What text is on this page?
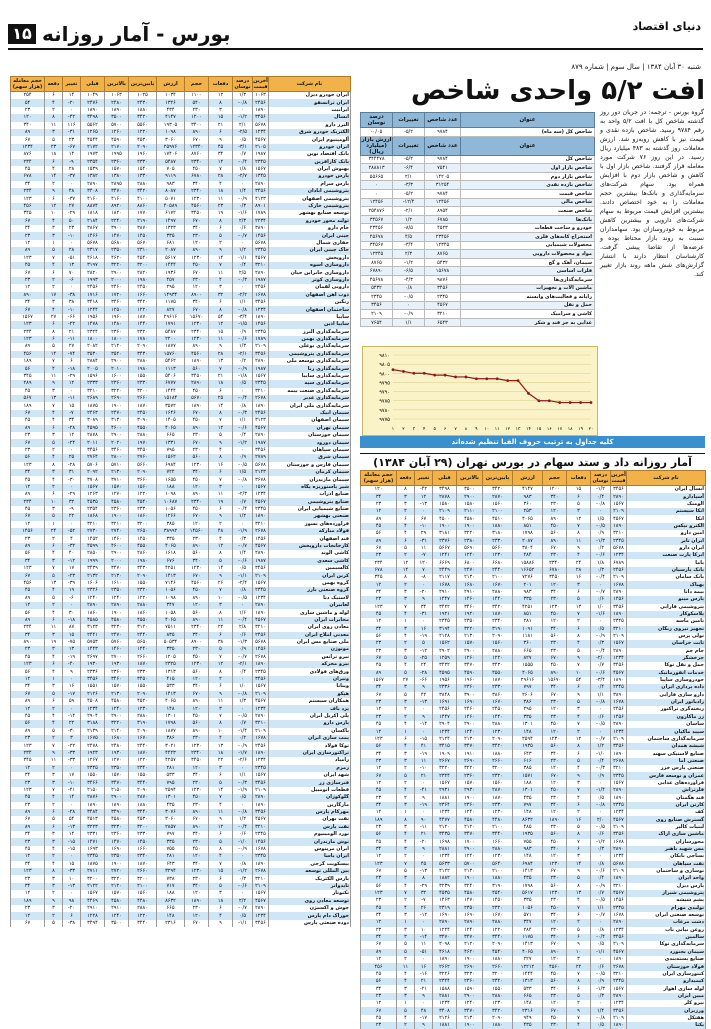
۱۵ بورس - آمار روزانه	دنیای اقتصاد
شنبه ۳۰ آبان ۱۳۸۴ | سال سوم | شماره ۸۷۹
حجم معامله (هزار سهم)	دفعه	تغییر	قبلی	بالاترین	پایین‌ترین	ارزش	حجم	دفعات	درصد نوسان	آخرین قیمت	نام شرکت
۲۵۴	۶	۱۴	۱۰۴۹	۱۰۶۳	۱۰۲۵	۱۰۳۴	۱۱۰۰	۱۲	۱/۳	۱۰۶۳	ایران خودرو دیزل
۵۴	۴	-۲۰	۲۴۷۶	۲۴۸۰	۲۴۳۰	۱۳۲۶	۵۴۰	۸	-۰/۸	۲۴۵۶	ایران ترانسفو
۲۳	۲	۰	۱۸۹۰	۱۸۹۰	۱۸۸۰	۴۳۴	۲۳۰	۳	۰	۱۸۹۰	ایرانیت
۱۲۰	۸	-۴۲	۳۴۹۸	۳۵۰۰	۳۴۲۰	۴۱۴۷	۱۲۰۰	۱۵	-۱/۲	۳۴۵۶	آبسال
۳۴۰	۱۱	۱۱۶	۵۵۶۲	۵۷۰۰	۵۵۶۰	۱۹۳۰۵	۳۴۰۰	۲۱	۲/۱	۵۶۷۸	البرز دارو
۸۹	۳	-۳۱	۱۲۶۵	۱۲۶۰	۱۲۲۰	۱۰۹۸	۸۹۰	۶	-۲/۵	۱۲۳۴	الکتریک خودرو شرق
۶۷	۵	۲۳	۴۵۴۴	۴۵۹۰	۴۵۳۰	۳۰۶۰	۶۷۰	۹	۰/۵	۴۵۶۷	آلومینیوم ایران
۱۲۳۴	۲۳	-۶۷	۲۱۷۲	۲۱۷۰	۲۰۹۰	۲۵۹۷۶	۱۲۳۴۰	۴۵	-۳/۱	۲۱۰۵	ایران خودرو
۸۷۶	۱۸	۱۴	۱۹۷۳	۱۹۹۵	۱۹۶۰	۱۷۴۰۶	۸۷۶۰	۳۴	۰/۷	۱۹۸۷	بانک اقتصاد نوین
۲۳۴	۶	-۹	۲۳۵۴	۲۳۶۰	۲۳۳۰	۵۴۸۷	۲۳۴۰	۱۲	-۰/۴	۲۳۴۵	بانک کارآفرین
۴۵	۴	۲۸	۱۵۳۹	۱۵۷۰	۱۵۴۰	۷۰۵	۴۵۰	۷	۱/۸	۱۵۶۷	بهنوش ایران
۶۷۸	۱۴	-۳۷	۱۳۸۲	۱۳۸۰	۱۳۳۰	۹۱۱۹	۶۷۸۰	۲۸	-۲/۷	۱۳۴۵	پارس خودرو
۳۴	۲	۰	۲۸۹۰	۲۸۹۵	۲۸۸۰	۹۸۳	۳۴۰	۴	۰	۲۸۹۰	پارس سرام
۲۳۴	۹	۴۸	۳۴۰۸	۳۴۷۰	۳۴۲۰	۸۰۸۷	۲۳۴۰	۱۸	۱/۴	۳۴۵۶	پتروشیمی آبادان
۱۲۳	۶	-۳۷	۴۱۶۰	۴۱۶۰	۴۱۰۰	۵۰۷۱	۱۲۳۰	۱۱	-۰/۹	۴۱۲۳	پتروشیمی اصفهان
۴۵۶	۱۲	۲۷	۸۸۷۴	۸۹۲۰	۸۸۶۰	۴۰۵۸۹	۴۵۶۰	۲۳	۰/۳	۸۹۰۱	پتروشیمی خارک
۳۴۵	۱۰	-۲۹	۱۸۱۸	۱۸۲۰	۱۷۷۰	۶۱۷۲	۳۴۵۰	۱۹	-۱/۶	۱۷۸۹	توسعه صنایع بهشهر
۶۷	۴	۵۰	۲۱۸۴	۲۲۴۰	۲۱۹۰	۱۴۹۷	۶۷۰	۸	۲/۳	۲۲۳۴	تولید محور خودرو
۳۴	۳	۲۳	۳۸۶۷	۳۹۰۰	۳۸۷۰	۱۳۲۳	۳۴۰	۶	۰/۶	۳۸۹۰	جام دارو
۲۳	۳	-۱۰	۱۴۶۶	۱۴۷۰	۱۴۵۰	۳۳۵	۲۳۰	۵	-۰/۷	۱۴۵۶	چینی ایران
۱۲	۱	۰	۵۶۷۸	۵۶۸۰	۵۶۷۰	۶۸۱	۱۲۰	۲	۰	۵۶۷۸	حفاری شمال
۸۹	۵	۲۸	۲۳۱۷	۲۳۵۰	۲۳۱۰	۲۰۸۷	۸۹۰	۹	۱/۲	۲۳۴۵	خاک چینی ایران
۱۲۳	۷	-۵۱	۴۶۱۸	۴۶۲۰	۴۵۴۰	۵۶۱۷	۱۲۳۰	۱۴	-۱/۱	۴۵۶۷	داروپخش
۴۵	۴	۱۳	۳۱۹۷	۳۲۲۰	۳۲۰۰	۱۴۴۴	۴۵۰	۷	۰/۴	۳۲۱۰	داروسازی اسوه
۶۷	۶	۷۰	۲۸۲۰	۲۹۰۰	۲۸۲۰	۱۹۳۶	۶۷۰	۱۱	۲/۵	۲۸۹۰	داروسازی جابرابن حیان
۲۳	۲	-۶	۱۹۹۳	۲۰۰۰	۱۹۸۰	۴۵۷	۲۳۰	۴	-۰/۳	۱۹۸۷	داروسازی کوثر
۱۲	۲	۰	۲۴۵۶	۲۴۶۰	۲۴۵۰	۲۹۵	۱۲۰	۳	۰	۲۴۵۶	دارویی لقمان
۸۹۰	۱۷	-۳۸	۱۷۱۶	۱۷۲۰	۱۶۶۰	۱۴۹۳۴	۸۹۰۰	۳۲	-۲/۲	۱۶۷۸	ذوب آهن اصفهان
۳۴	۳	۳۸	۳۴۱۸	۳۴۶۰	۳۴۲۰	۱۱۷۵	۳۴۰	۶	۱/۱	۳۴۵۶	رنگین
۶۷	۴	-۱۰	۱۲۴۴	۱۲۵۰	۱۲۲۰	۸۲۷	۶۷۰	۸	-۰/۸	۱۲۳۴	ساختمان اصفهان
۱۵۶۷	۲۷	-۶۶	۱۹۵۶	۱۹۶۰	۱۸۷۰	۲۹۶۱۶	۱۵۶۷۰	۵۴	-۳/۴	۱۸۹۰	سایپا
۱۲۳	۶	-۲۲	۱۴۷۸	۱۴۸۰	۱۴۴۰	۱۷۹۱	۱۲۳۰	۱۲	-۱/۵	۱۴۵۶	سایپا آذین
۲۳۴	۸	۲۱	۲۳۲۴	۲۳۶۰	۲۳۲۰	۵۴۸۷	۲۳۴۰	۱۵	۰/۹	۲۳۴۵	سرمایه‌گذاری البرز
۱۲۳	۶	-۱۱	۱۸۰۰	۱۸۰۰	۱۷۸۰	۲۲۰۰	۱۲۳۰	۱۱	-۰/۶	۱۷۸۹	سرمایه‌گذاری بهمن
۸۹	۵	۲۷	۲۰۸۲	۲۱۲۰	۲۰۹۰	۱۸۷۷	۸۹۰	۹	۱/۳	۲۱۰۹	سرمایه‌گذاری بوعلی
۴۵۶	۱۴	-۷۴	۳۵۳۰	۳۵۲۰	۳۴۳۰	۱۵۷۶۰	۴۵۶۰	۲۸	-۲/۱	۳۴۵۶	سرمایه‌گذاری پتروشیمی
۱۸۹	۷	۶	۲۸۸۴	۲۹۰۰	۲۸۸۰	۵۴۶۲	۱۸۹۰	۱۳	۰/۲	۲۸۹۰	سرمایه‌گذاری توسعه ملی
۵۶	۴	-۱۸	۲۰۰۵	۲۰۱۰	۱۹۸۰	۱۱۱۳	۵۶۰	۷	-۰/۹	۱۹۸۷	سرمایه‌گذاری رنا
۳۴۵	۱۱	-۲۹	۱۵۹۶	۱۶۰۰	۱۵۵۰	۵۴۰۶	۳۴۵۰	۲۱	-۱/۸	۱۵۶۷	سرمایه‌گذاری سایپا
۲۸۹	۹	۱۲	۲۳۳۳	۲۳۶۰	۲۳۳۰	۶۷۷۷	۲۸۹۰	۱۸	۰/۵	۲۳۴۵	سرمایه‌گذاری سپه
۴۵	۳	۰	۳۲۱۰	۳۲۲۰	۳۲۰۰	۱۴۴۴	۴۵۰	۶	۰	۳۲۱۰	سرمایه‌گذاری صنعت بیمه
۵۶۷	۱۳	-۱۱	۲۶۸۹	۲۶۹۰	۲۶۶۰	۱۵۱۸۴	۵۶۷۰	۲۵	-۰/۴	۲۶۷۸	سرمایه‌گذاری غدیر
۱۸۹	۷	۱۵	۱۸۷۵	۱۹۰۰	۱۸۷۰	۳۵۷۲	۱۸۹۰	۱۴	۰/۸	۱۸۹۰	سرمایه‌گذاری ملی ایران
۶۷	۴	-۷	۲۴۶۳	۲۴۷۰	۲۴۵۰	۱۶۴۶	۶۷۰	۸	-۰/۳	۲۴۵۶	سیمان آبیک
۴۵	۴	۳۴	۳۰۸۹	۳۱۳۰	۳۰۹۰	۱۴۰۵	۴۵۰	۷	۱/۱	۳۱۲۳	سیمان اصفهان
۸۹	۶	-۲۸	۴۵۹۵	۴۶۰۰	۴۵۵۰	۴۰۶۵	۸۹۰	۱۲	-۰/۶	۴۵۶۷	سیمان تهران
۲۳	۳	۱۲	۲۸۷۸	۲۹۰۰	۲۸۸۰	۶۶۵	۲۳۰	۵	۰/۴	۲۸۹۰	سیمان خوزستان
۶۷	۵	-۲۴	۲۰۱۱	۲۰۲۰	۱۹۷۰	۱۳۳۱	۶۷۰	۹	-۱/۲	۱۹۸۷	سیمان دورود
۲۳	۲	۰	۳۴۵۶	۳۴۶۰	۳۴۵۰	۷۹۵	۲۳۰	۴	۰	۳۴۵۶	سیمان سپاهان
۵۶	۴	۲۵	۲۷۶۴	۲۸۰۰	۲۷۶۰	۱۵۶۲	۵۶۰	۸	۰/۹	۲۷۸۹	سیمان شرق
۱۲۳	۸	-۲۸	۵۷۰۶	۵۷۱۰	۵۶۶۰	۶۹۸۴	۱۲۳۰	۱۶	-۰/۵	۵۶۷۸	سیمان فارس و خوزستان
۳۴	۳	۳۱	۲۰۹۲	۲۱۳۰	۲۰۹۰	۷۲۲	۳۴۰	۶	۱/۵	۲۱۲۳	سیمان کرمان
۴۵	۴	-۳۰	۳۷۰۸	۳۷۱۰	۳۶۶۰	۱۶۵۵	۴۵۰	۷	-۰/۸	۳۶۷۸	سیمان مازندران
۱۲	۲	۰	۱۵۶۷	۱۵۷۰	۱۵۶۰	۱۸۸	۱۲۰	۳	۰	۱۵۶۷	شیر پاستوریزه پگاه
۸۹	۶	-۲۹	۱۲۶۳	۱۲۷۰	۱۲۲۰	۱۰۹۸	۸۹۰	۱۱	-۲/۳	۱۲۳۴	صنایع آذراب
۲۳۴	۱۰	۳۲	۴۵۳۵	۴۵۸۰	۴۵۴۰	۱۰۶۸۷	۲۳۴۰	۱۹	۰/۷	۴۵۶۷	صنایع پتروشیمی
۴۵	۳	-۹	۲۳۵۴	۲۳۶۰	۲۳۳۰	۱۰۵۶	۴۵۰	۶	-۰/۴	۲۳۴۵	صنایع شیمیایی ایران
۶۷	۵	۲۲	۱۸۶۸	۱۹۰۰	۱۸۶۰	۱۲۶۶	۶۷۰	۹	۱/۲	۱۸۹۰	صنعتی بهشهر
۱۲	۱	۰	۳۲۱۰	۳۲۱۰	۳۲۰۰	۳۸۵	۱۲۰	۲	۰	۳۲۱۰	فرآورده‌های نسوز
۱۴۵۶	۲۴	-۵۲	۲۷۳۰	۲۷۴۰	۲۶۵۰	۳۸۹۹۲	۱۴۵۶۰	۴۸	-۱/۹	۲۶۷۸	فولاد مبارکه
۲۳	۲	۴	۱۴۵۲	۱۴۶۰	۱۴۵۰	۳۳۵	۲۳۰	۴	۰/۳	۱۴۵۶	قند اصفهان
۸۹	۶	-۳۲	۴۵۹۹	۴۶۰۰	۴۵۵۰	۴۰۶۵	۸۹۰	۱۲	-۰/۷	۴۵۶۷	کارخانجات داروپخش
۵۶	۴	۴۰	۲۸۵۰	۲۹۰۰	۲۸۶۰	۱۶۱۸	۵۶۰	۸	۱/۴	۲۸۹۰	کاشی الوند
۳۴	۳	-۱۲	۱۹۹۹	۲۰۰۰	۱۹۸۰	۶۷۶	۳۴۰	۵	-۰/۶	۱۹۸۷	کاشی سعدی
۱۲۳	۷	۱۷	۳۴۳۹	۳۴۷۰	۳۴۳۰	۴۲۵۱	۱۲۳۰	۱۴	۰/۵	۳۴۵۶	کالسیمین
۶۷	۵	-۲۳	۲۱۳۲	۲۱۳۰	۲۰۹۰	۱۴۱۳	۶۷۰	۹	-۱/۱	۲۱۰۹	کربن ایران
۴۵۶	۱۳	-۳۹	۱۶۰۶	۱۶۱۰	۱۵۵۰	۷۱۴۶	۴۵۶۰	۲۶	-۲/۴	۱۵۶۷	گروه بهمن
۴۵	۴	۱۹	۲۳۲۶	۲۳۵۰	۲۳۲۰	۱۰۵۶	۴۵۰	۷	۰/۸	۲۳۴۵	گروه صنعتی بارز
۸۹	۵	-۶	۱۲۴۰	۱۲۴۰	۱۲۲۰	۱۰۹۸	۸۹۰	۱۰	-۰/۵	۱۲۳۴	لاستیک دنا
۱۲	۲	۰	۲۸۹۰	۲۸۹۰	۲۸۸۰	۳۴۷	۱۲۰	۳	۰	۲۸۹۰	لعابیران
۵۶	۴	۳۰	۱۸۶۰	۱۹۰۰	۱۸۶۰	۱۰۵۸	۵۶۰	۸	۱/۶	۱۸۹۰	لوله و ماشین سازی
۸۹	۶	-۱۸	۴۵۸۵	۴۵۸۰	۴۵۵۰	۴۰۶۵	۸۹۰	۱۱	-۰/۴	۴۵۶۷	مخابرات ایران
۲۳۴	۱۱	۸۷	۳۱۲۳	۳۲۳۰	۳۱۲۰	۷۵۱۱	۲۳۴۰	۲۲	۲/۸	۳۲۱۰	معادن روی ایران
۳۴	۳	۱۵	۲۴۴۱	۲۴۷۰	۲۴۴۰	۸۳۵	۳۴۰	۶	۰/۶	۲۴۵۶	معدنی املاح ایران
۸۹۰	۱۹	-۷۵	۵۷۵۳	۵۷۶۰	۵۶۵۰	۵۰۵۳۴	۸۹۰۰	۳۸	-۱/۳	۵۶۷۸	ملی صنایع مس ایران
۲۳	۳	۱۳	۱۴۴۳	۱۴۶۰	۱۴۴۰	۳۳۵	۲۳۰	۵	۰/۹	۱۴۵۶	موتوژن
۴۵	۴	-۱۹	۲۶۹۷	۲۷۰۰	۲۶۶۰	۱۲۰۵	۴۵۰	۷	-۰/۷	۲۶۷۸	نیرو ترانس
۱۲۳	۶	-۴۰	۱۹۳۰	۱۹۳۰	۱۸۷۰	۲۳۲۵	۱۲۳۰	۱۲	-۲/۱	۱۸۹۰	نیرو محرکه
۵۶	۴	۹	۲۳۳۶	۲۳۶۰	۲۳۳۰	۱۳۱۳	۵۶۰	۸	۰/۴	۲۳۴۵	ورق‌های فولادی
۱۲	۱	۰	۳۴۵۶	۳۴۶۰	۳۴۵۰	۴۱۵	۱۲۰	۲	۰	۳۴۵۶	ونیران
۳۴	۳	۱۶	۱۵۵۱	۱۵۷۰	۱۵۵۰	۵۳۳	۳۴۰	۶	۱/۰	۱۵۶۷	ویتانا
۶۷	۵	-۱۷	۲۱۲۶	۲۱۳۰	۲۰۹۰	۱۴۱۳	۶۷۰	۹	-۰/۸	۲۱۰۹	هپکو
۸۹	۶	۵۹	۴۵۰۸	۴۵۸۰	۴۵۲۰	۴۰۶۵	۸۹۰	۱۱	۱/۳	۴۵۶۷	همکاران سیستم
۱۲	۲	۰	۱۲۳۴	۱۲۴۰	۱۲۳۰	۱۴۸	۱۲۰	۳	۰	۱۲۳۴	یزد باف
۴۵	۴	-۱۴	۲۹۰۴	۲۹۰۰	۲۸۸۰	۱۳۰۱	۴۵۰	۷	-۰/۵	۲۸۹۰	پلی اکریل ایران
۵۶	۴	۲۲	۳۱۸۸	۳۲۲۰	۳۱۹۰	۱۷۹۸	۵۶۰	۸	۰/۷	۳۲۱۰	پارس دارو
۸۹	۵	-۳۰	۲۱۳۹	۲۱۴۰	۲۰۹۰	۱۸۷۷	۸۹۰	۱۰	-۱/۴	۲۱۰۹	پاکسان
۲۳	۲	۳	۱۶۷۵	۱۶۸۰	۱۶۷۰	۳۸۶	۲۳۰	۴	۰/۲	۱۶۷۸	پمپ سازی ایران
۱۲۳	۷	-۲۲	۲۴۷۸	۲۴۸۰	۲۴۴۰	۳۰۲۱	۱۲۳۰	۱۳	-۰/۹	۲۴۵۶	توکا فولاد
۲۳۴	۹	-۳۳	۱۹۲۳	۱۹۳۰	۱۸۷۰	۴۴۲۳	۲۳۴۰	۱۸	-۱/۷	۱۸۹۰	تراکتورسازی ایران
۳۴۵	۱۱	-۳۳	۱۲۶۷	۱۲۷۰	۱۲۲۰	۴۲۵۷	۳۴۵۰	۲۲	-۲/۶	۱۲۳۴	زامیاد
۱۲	۲	۰	۲۳۴۵	۲۳۵۰	۲۳۴۰	۲۸۱	۱۲۰	۳	۰	۲۳۴۵	زمزم
۳۴	۳	۱۷	۱۵۵۰	۱۵۷۰	۱۵۵۰	۵۳۳	۳۴۰	۶	۱/۱	۱۵۶۷	شهد ایران
۲۳	۳	-۱۰	۳۴۶۶	۳۴۷۰	۳۴۴۰	۷۹۵	۲۳۰	۵	-۰/۳	۳۴۵۶	فنرسازی زر
۱۲۳	۷	-۴۱	۲۱۵۰	۲۱۵۰	۲۰۹۰	۲۵۹۴	۱۲۳۰	۱۴	-۱/۹	۲۱۰۹	قطعات اتومبیل
۴۵	۴	۱۴	۲۸۷۶	۲۹۰۰	۲۸۷۰	۱۳۰۱	۴۵۰	۷	۰/۵	۲۸۹۰	گلوکوزان
۲۳	۲	۰	۱۸۹۰	۱۸۹۰	۱۸۸۰	۴۳۵	۲۳۰	۴	۰	۱۸۹۰	مارگارین
۸۹	۶	-۲۸	۳۴۸۴	۳۴۹۰	۳۴۴۰	۳۰۷۶	۸۹۰	۱۱	-۰/۸	۳۴۵۶	مهرکام پارس
۶۷	۵	۵۴	۴۵۱۳	۴۵۸۰	۴۵۳۰	۳۰۶۰	۶۷۰	۹	۱/۲	۴۵۶۷	نفت بهران
۸۹	۶	-۱۳	۳۲۲۳	۳۲۳۰	۳۲۰۰	۲۸۵۷	۸۹۰	۱۲	-۰/۴	۳۲۱۰	نفت پارس
۳۴	۳	۱۴	۲۳۳۱	۲۳۶۰	۲۳۳۰	۷۹۷	۳۴۰	۶	۰/۶	۲۳۴۵	نورد آلومینیوم
۲۳	۳	-۱۵	۱۴۷۱	۱۴۷۰	۱۴۵۰	۳۳۵	۲۳۰	۵	-۱/۰	۱۴۵۶	نوش مازندران
۴۵	۴	-۱۵	۱۶۹۳	۱۶۹۰	۱۶۶۰	۷۵۵	۴۵۰	۸	-۰/۹	۱۶۷۸	ایران مرینوس
۱۲	۲	۰	۲۳۴۵	۲۳۵۰	۲۳۴۰	۲۸۱	۱۲۰	۴	۰	۲۳۴۵	ایران یاسا
۳۴	۴	۱۵	۱۸۷۵	۱۹۰۰	۱۸۷۰	۶۴۳	۳۴۰	۷	۰/۸	۱۸۹۰	بیسکویت گرجی
۱۲۳	۸	-۳۳	۲۷۱۱	۲۷۲۰	۲۶۶۰	۳۲۹۴	۱۲۳۰	۱۵	-۱/۲	۲۶۷۸	بین المللی توسعه
۲۳	۳	۱۰	۳۲۰۰	۳۲۲۰	۳۲۰۰	۷۳۸	۲۳۰	۶	۰/۳	۳۲۱۰	پارس الکتریک
۳۴	۳	-۱۳	۲۱۲۲	۲۱۲۰	۲۱۰۰	۷۱۷	۳۴۰	۵	-۰/۶	۲۱۰۹	تایدواتر
۱۲	۲	۰	۱۵۶۷	۱۵۷۰	۱۵۶۰	۱۸۸	۱۲۰	۳	۰	۱۵۶۷	تکنوتار
۱۸۹	۹	۹۸	۴۴۶۹	۴۵۸۰	۴۴۸۰	۸۶۳۲	۱۸۹۰	۱۸	۲/۲	۴۵۶۷	توسعه معادن روی
۲۳	۳	-۲۰	۲۹۱۰	۲۹۱۰	۲۸۸۰	۶۶۵	۲۳۰	۶	-۰/۷	۲۸۹۰	جوش و اکسیژن
۱۲	۲	۶	۱۲۲۸	۱۲۴۰	۱۲۲۰	۱۴۸	۱۲۰	۴	۰/۵	۱۲۳۴	خوراک دام پارس
۶۷	۵	-۳۸	۳۴۹۴	۳۵۰۰	۳۴۴۰	۲۳۱۶	۶۷۰	۹	-۱/۱	۳۴۵۶	دوده صنعتی پارس
افت ۵/۲ واحدی شاخص
گروه بورس - ترجمه: در جریان دور روز گذشته شاخص کل با افت ۵/۲ واحد به رقم ۹۷۸۴ رسید. شاخص بازده نقدی و قیمت نیز با کاهش روبه‌رو شد. ارزش معاملات روز گذشته به ۴۸۳ میلیارد ریال رسید. در این روز ۷۶ شرکت مورد معامله قرار گرفتند. شاخص بازار اول با کاهش و شاخص بازار دوم با افزایش همراه بود. سهام شرکت‌های سرمایه‌گذاری و بانک‌ها بیشترین حجم معاملات را به خود اختصاص دادند. بیشترین افزایش قیمت مربوط به سهام شرکت‌های دارویی و بیشترین کاهش مربوط به خودروسازان بود. سهامداران نسبت به روند بازار محتاط بوده و عرضه‌ها از تقاضا پیشی گرفت. کارشناسان انتظار دارند با انتشار گزارش‌های شش ماهه روند بازار تغییر کند.
درصد نوسان	تغییرات	عدد شاخص	عنوان
-۰/۰۵	-۵/۲	۹۷۸۴	شاخص کل (سه ماه)
ارزش بازار (میلیارد ریال)	تغییرات	عدد شاخص	عنوان
۳۴۴۴۷۸	-۵/۲	۹۷۸۴	شاخص کل
۲۸۸۸۱۳	-۶/۴	۷۵۴۱	شاخص بازار اول
۵۵۶۶۵	۲/۱	۱۴۲۰۵	شاخص بازار دوم
۰	-۳/۳	۳۱۲۵۴	شاخص بازده نقدی
۰	-۵/۲	۹۷۸۴	شاخص قیمت
۱۲۴۵۶	-۱۲/۴	۱۲۴۵۶	شاخص مالی
۲۵۴۸۷۶	-۲/۱	۸۹۵۴	شاخص صنعت
۳۴۵۶۷	۱/۲	۶۷۸۵	بانک‌ها
۲۳۴۵۶	-۸/۵	۴۵۲۳	خودرو و ساخت قطعات
۴۵۶۷۸	۴/۵	۲۳۴۵۶	استخراج کانه‌های فلزی
۳۴۵۶۷	-۳/۴	۱۲۳۴۵	محصولات شیمیایی
۱۲۳۴۵	۲/۳	۸۷۶۵	مواد و محصولات دارویی
۸۷۶۵	-۱/۲	۵۴۳۲	سیمان، آهک و گچ
۶۷۸۹۰	-۶/۵	۱۵۶۷۸	فلزات اساسی
۴۵۶۷۸	-۴/۳	۹۸۷۶	سرمایه‌گذاری‌ها
۵۴۳۲	۰/۸	۳۴۵۶	ماشین آلات و تجهیزات
۲۳۴۵	-۰/۵	۲۳۴۵	رایانه و فعالیت‌های وابسته
۳۴۵۶	۰	۴۵۶۷	حمل و نقل
۲۱۰۹	-۰/۹	۳۲۱۰	کاشی و سرامیک
۷۶۵۴	۱/۱	۶۵۴۳	غذایی به جز قند و شکر
۹۸۱۰
۹۸۰۵
۹۸۰۰
۹۷۹۵
۹۷۹۰
۹۷۸۵
۹۷۸۰
۹۷۷۵
۱ ۲ ۳ ۴ ۵ ۶ ۷ ۸ ۹ ۱۰ ۱۱ ۱۲ ۱۳ ۱۴ ۱۵ ۱۶ ۱۷ ۱۸ ۱۹ ۲۰
کلیه جداول به ترتیب حروف الفبا تنظیم شده‌اند
آمار روزانه داد و ستد سهام در بورس تهران (۲۹ آبان ۱۳۸۴)
حجم معامله (هزار سهم)	دفعه	تغییر	قبلی	بالاترین	پایین‌ترین	ارزش	حجم	دفعات	درصد نوسان	آخرین قیمت	نام شرکت
۱۲۰	۸	-۴۲	۳۴۹۸	۳۵۰۰	۳۴۲۰	۴۱۴۷	۱۲۰۰	۱۵	-۱/۲	۳۴۵۶	آبسال ایران
۳۴	۳	۱۲	۲۸۷۸	۲۹۰۰	۲۸۷۰	۹۸۳	۳۴۰	۶	۰/۴	۲۸۹۰	آسیادارو
۲۳	۳	-۱۳	۱۵۸۰	۱۵۸۰	۱۵۶۰	۳۶۰	۲۳۰	۵	-۰/۸	۱۵۶۷	آلومتک
۱۲	۲	۰	۲۱۰۹	۲۱۱۰	۲۱۰۰	۲۵۳	۱۲۰	۳	۰	۲۱۰۹	اتکا سیستم
۸۹	۶	۶۷	۴۵۰۰	۴۵۸۰	۴۵۱۰	۴۰۶۵	۸۹۰	۱۲	۱/۵	۴۵۶۷	اتکا
۴۵	۴	-۱۰	۱۹۰۰	۱۹۰۰	۱۸۸۰	۸۵۱	۴۵۰	۷	-۰/۵	۱۸۹۰	الکترو نیکس
۵۶	۴	۲۹	۳۱۸۱	۳۲۲۰	۳۱۸۰	۱۷۹۸	۵۶۰	۸	۰/۹	۳۲۱۰	امین دارو
۸۹	۶	-۳۱	۲۳۷۶	۲۳۸۰	۲۳۳۰	۲۰۸۷	۸۹۰	۱۱	-۱/۳	۲۳۴۵	ایران تایر
۶۷	۵	۱۱	۵۶۶۷	۵۶۹۰	۵۶۶۰	۳۸۰۴	۶۷۰	۹	۰/۲	۵۶۷۸	ایران دارو
۲۳	۲	-۷	۱۲۴۱	۱۲۴۰	۱۲۳۰	۲۸۴	۲۳۰	۴	-۰/۶	۱۲۳۴	ایرکا پارت صنعت
۲۳۴	۱۲	۱۲۰	۶۶۶۹	۶۸۰۰	۶۶۸۰	۱۵۸۸۶	۲۳۴۰	۲۴	۱/۸	۶۷۸۹	باما
۶۷۸	۱۴	۷	۲۴۴۹	۲۴۷۰	۲۴۴۰	۱۶۶۵۲	۶۷۸۰	۲۸	۰/۳	۲۴۵۶	بانک پارسیان
۳۴۵	۸	-۸	۲۱۱۷	۲۱۳۰	۲۱۰۰	۷۲۷۶	۳۴۵۰	۱۶	-۰/۴	۲۱۰۹	بانک سامان
۱۲	۲	۰	۱۶۷۸	۱۶۸۰	۱۶۷۰	۲۰۱	۱۲۰	۳	۰	۱۶۷۸	بهپاک
۳۴	۳	-۲۰	۲۹۱۰	۲۹۱۰	۲۸۸۰	۹۸۳	۳۴۰	۶	-۰/۷	۲۸۹۰	بیمه دانا
۲۳	۳	۹	۱۴۴۷	۱۴۶۰	۱۴۴۰	۳۳۵	۲۳۰	۵	۰/۶	۱۴۵۶	پارس مینو
۱۲۳	۷	۳۴	۳۴۲۲	۳۴۶۰	۳۴۲۰	۴۲۵۱	۱۲۳۰	۱۳	۱/۰	۳۴۵۶	پتروشیمی فارابی
۴۵	۴	-۳۱	۱۹۲۱	۱۹۲۰	۱۸۷۰	۸۵۱	۴۵۰	۷	-۱/۶	۱۸۹۰	پلاسکوکار
۱۲	۱	۰	۲۳۴۵	۲۳۵۰	۲۳۴۰	۲۸۱	۱۲۰	۲	۰	۲۳۴۵	تامین ماسه
۳۴	۳	۱۶	۳۱۹۴	۳۲۲۰	۳۱۹۰	۱۰۹۱	۳۴۰	۶	۰/۵	۳۲۱۰	تجهیز نیروی زنگان
۵۶	۴	-۱۹	۲۱۲۸	۲۱۳۰	۲۰۹۰	۱۱۸۱	۵۶۰	۸	-۰/۹	۲۱۰۹	تولی پرس
۲۳	۲	۵	۱۵۶۲	۱۵۷۰	۱۵۶۰	۳۶۰	۲۳۰	۴	۰/۳	۱۵۶۷	ثابت خراسان
۲۳	۳	-۱۲	۲۹۰۲	۲۹۰۰	۲۸۸۰	۶۶۵	۲۳۰	۵	-۰/۴	۲۸۹۰	جام جم
۶۷	۵	-۲۵	۱۲۵۹	۱۲۶۰	۱۲۲۰	۸۲۷	۶۷۰	۹	-۲/۰	۱۲۳۴	چرخشگر
۴۵	۴	۲۴	۳۴۳۲	۳۴۷۰	۳۴۳۰	۱۵۵۵	۴۵۰	۷	۰/۷	۳۴۵۶	حمل و نقل توکا
۸۹	۵	-۲۸	۴۵۹۵	۴۵۹۰	۴۵۵۰	۴۰۶۵	۸۹۰	۱۰	-۰/۶	۴۵۶۷	خدمات انفورماتیک
۱۵۶۷	۲۷	-۶۶	۱۹۵۶	۱۹۶۰	۱۸۷۰	۲۹۶۱۶	۱۵۶۷۰	۵۴	-۳/۴	۱۸۹۰	خودروسازی سایپا
۳۴	۳	۹	۲۳۳۶	۲۳۶۰	۲۳۳۰	۷۹۷	۳۴۰	۶	۰/۴	۲۳۴۵	داده پردازی ایران
۶۷	۵	۴۲	۳۸۴۸	۳۹۰۰	۳۸۶۰	۲۶۰۶	۶۷۰	۹	۱/۱	۳۸۹۰	دارو سازی فارابی
۲۳	۳	-۱۳	۱۶۹۱	۱۶۹۰	۱۶۷۰	۳۸۶	۲۳۰	۵	-۰/۸	۱۶۷۸	رادیاتور ایران
۱۲	۲	۰	۲۴۵۶	۲۴۶۰	۲۴۵۰	۲۹۵	۱۲۰	۳	۰	۲۴۵۶	ریخته‌گری تراکتور
۲۳	۲	۹	۱۴۴۷	۱۴۶۰	۱۴۴۰	۳۳۵	۲۳۰	۴	۰/۶	۱۴۵۶	زر ماکارون
۴۵	۴	-۱۴	۲۹۰۴	۲۹۰۰	۲۸۸۰	۱۳۰۱	۴۵۰	۷	-۰/۵	۲۸۹۰	ساسان
۱۲	۱	۰	۱۲۳۴	۱۲۴۰	۱۲۳۰	۱۴۸	۱۲۰	۲	۰	۱۲۳۴	سپید ماکیان
۱۲۳	۶	-۱۵	۲۱۲۴	۲۱۳۰	۲۰۹۰	۲۵۹۴	۱۲۳۰	۱۲	-۰/۷	۲۱۰۹	سرمایه‌گذاری ساختمان
۵۶	۴	۴۱	۳۴۱۵	۳۴۷۰	۳۴۲۰	۱۹۳۵	۵۶۰	۸	۱/۲	۳۴۵۶	شیشه همدان
۳۴	۳	-۱۹	۱۹۰۹	۱۹۱۰	۱۸۸۰	۶۴۳	۳۴۰	۶	-۱/۰	۱۸۹۰	صنایع لاستیکی سهند
۲۳	۳	۱۱	۲۶۶۷	۲۶۹۰	۲۶۶۰	۶۱۶	۲۳۰	۵	۰/۴	۲۶۷۸	صنعتی آما
۱۲	۲	-۱۰	۳۲۲۰	۳۲۲۰	۳۲۰۰	۳۸۵	۱۲۰	۴	-۰/۳	۳۲۱۰	صنعتی پارس خزر
۶۷	۵	۲۱	۲۳۲۴	۲۳۶۰	۲۳۲۰	۱۵۷۱	۶۷۰	۹	۰/۹	۲۳۴۵	عمران و توسعه فارس
۱۲	۲	۰	۱۵۶۷	۱۵۷۰	۱۵۶۰	۱۸۸	۱۲۰	۳	۰	۱۵۶۷	فرآورده‌های غذایی
۴۵	۴	-۴۱	۲۹۳۱	۲۹۳۰	۲۸۷۰	۱۳۰۱	۴۵۰	۷	-۱/۴	۲۸۹۰	فلزتراش
۲۳	۲	۹	۱۸۸۱	۱۹۰۰	۱۸۷۰	۴۳۵	۲۳۰	۴	۰/۵	۱۸۹۰	قند هگمتان
۳۴	۳	-۱۹	۲۳۶۴	۲۳۶۰	۲۳۳۰	۷۹۷	۳۴۰	۶	-۰/۸	۲۳۴۵	کارتن ایران
۱۲	۱	۰	۱۲۳۴	۱۲۴۰	۱۲۳۰	۱۴۸	۱۲۰	۲	۰	۱۲۳۴	کف
۱۸۹	۸	۹۰	۴۴۷۷	۴۵۸۰	۴۴۸۰	۸۶۳۲	۱۸۹۰	۱۶	۲/۰	۴۵۶۷	گسترش صنایع روی
۲۳	۳	-۱۱	۲۱۲۰	۲۱۲۰	۲۱۰۰	۴۸۵	۲۳۰	۵	-۰/۵	۲۱۰۹	لبنیات کالبر
۵۶	۴	۲۱	۳۴۳۵	۳۴۷۰	۳۴۴۰	۱۹۳۵	۵۶۰	۸	۰/۶	۳۴۵۶	ماشین سازی اراک
۴۵	۴	-۲۰	۱۶۹۸	۱۷۰۰	۱۶۶۰	۷۵۵	۴۵۰	۷	-۱/۲	۱۶۷۸	محورسازان
۳۴	۳	۹	۲۸۸۱	۲۹۰۰	۲۸۸۰	۹۸۳	۳۴۰	۶	۰/۳	۲۸۹۰	مس شهید باهنر
۱۲	۲	۰	۱۲۳۴	۱۲۴۰	۱۲۳۰	۱۴۸	۱۲۰	۳	۰	۱۲۳۴	نساجی بابکان
۱۲۳	۷	۴۵	۵۶۳۳	۵۷۰۰	۵۶۴۰	۶۹۸۴	۱۲۳۰	۱۴	۰/۸	۵۶۷۸	نفت سپاهان
۶۷	۵	-۱۳	۲۱۲۲	۲۱۳۰	۲۱۰۰	۱۴۱۳	۶۷۰	۹	-۰/۶	۲۱۰۹	نوسازی و ساختمان
۲۳	۳	۸	۱۸۸۲	۱۹۰۰	۱۸۸۰	۴۳۵	۲۳۰	۵	۰/۴	۱۸۹۰	واحد ایران
۵۶	۴	-۲۹	۳۲۳۹	۳۲۴۰	۳۱۹۰	۱۷۹۸	۵۶۰	۸	-۰/۹	۳۲۱۰	پارس دیزل
۱۲۳	۷	۳۲	۴۵۳۵	۴۵۸۰	۴۵۴۰	۵۶۱۷	۱۲۳۰	۱۳	۰/۷	۴۵۶۷	پتروشیمی شیراز
۲۳	۲	-۷	۱۴۶۳	۱۴۷۰	۱۴۵۰	۳۳۵	۲۳۰	۴	-۰/۵	۱۴۵۶	پشم شیشه
۴۵	۴	۲۶	۲۳۱۹	۲۳۵۰	۲۳۲۰	۱۰۵۶	۴۵۰	۷	۱/۱	۲۳۴۵	تولیدی مهرام
۳۴	۳	-۱۲	۱۶۹۰	۱۶۹۰	۱۶۷۰	۵۷۱	۳۴۰	۶	-۰/۷	۱۶۷۸	توسعه صنعتی ایران
۱۲	۱	۰	۲۸۹۰	۲۸۹۰	۲۸۸۰	۳۴۷	۱۲۰	۲	۰	۲۸۹۰	دشت مرغاب
۲۳	۳	۱۰	۱۲۲۴	۱۲۴۰	۱۲۲۰	۲۸۴	۲۳۰	۵	۰/۸	۱۲۳۴	روغن نباتی ناب
۳۴	۳	-۱۴	۳۴۷۰	۳۴۷۰	۳۴۴۰	۱۱۷۵	۳۴۰	۶	-۰/۴	۳۴۵۶	سالمین
۶۷	۵	۱۱	۲۰۹۸	۲۱۲۰	۲۰۹۰	۱۴۱۳	۶۷۰	۹	۰/۵	۲۱۰۹	سرمایه‌گذاری توکا
۸۹	۵	-۵۱	۴۶۱۸	۴۶۲۰	۴۵۴۰	۴۰۶۵	۸۹۰	۱۰	-۱/۱	۴۵۶۷	سیمان بجنورد
۱۲	۲	۰	۱۸۹۰	۱۹۰۰	۱۸۸۰	۲۲۷	۱۲۰	۳	۰	۱۸۹۰	صنایع بسته‌بندی
۴۵۶	۱۱	۱۶	۲۶۶۲	۲۶۹۰	۲۶۶۰	۱۲۲۱۲	۴۵۶۰	۲۲	۰/۶	۲۶۷۸	فولاد خوزستان
۴۵	۴	-۱۶	۳۲۲۶	۳۲۳۰	۳۲۰۰	۱۴۴۴	۴۵۰	۷	-۰/۵	۳۲۱۰	کنتورسازی ایران
۵۶	۴	۲۱	۲۳۲۴	۲۳۶۰	۲۳۲۰	۱۳۱۳	۵۶۰	۸	۰/۹	۲۳۴۵	کیمیدارو
۳۴	۳	-۲۱	۱۵۸۸	۱۵۹۰	۱۵۵۰	۵۳۳	۳۴۰	۶	-۱/۳	۱۵۶۷	لوله سازی اهواز
۲۳	۳	۹	۲۸۸۱	۲۹۰۰	۲۸۸۰	۶۶۵	۲۳۰	۵	۰/۳	۲۸۹۰	مبین ایران
۱۲	۱	۰	۱۲۳۴	۱۲۴۰	۱۲۳۰	۱۴۸	۱۲۰	۲	۰	۱۲۳۴	نیرو کلر
۶۷	۵	۴۸	۳۴۰۸	۳۴۷۰	۳۴۲۰	۲۳۱۶	۶۷۰	۹	۱/۴	۳۴۵۶	ورزیران
۴۵	۴	-۱۷	۲۱۲۶	۲۱۳۰	۲۰۹۰	۹۴۹	۴۵۰	۷	-۰/۸	۲۱۰۹	هفتکل
۲۳	۲	۹	۱۸۸۱	۱۹۰۰	۱۸۸۰	۴۳۵	۲۳۰	۴	۰/۵	۱۸۹۰	یکتا
